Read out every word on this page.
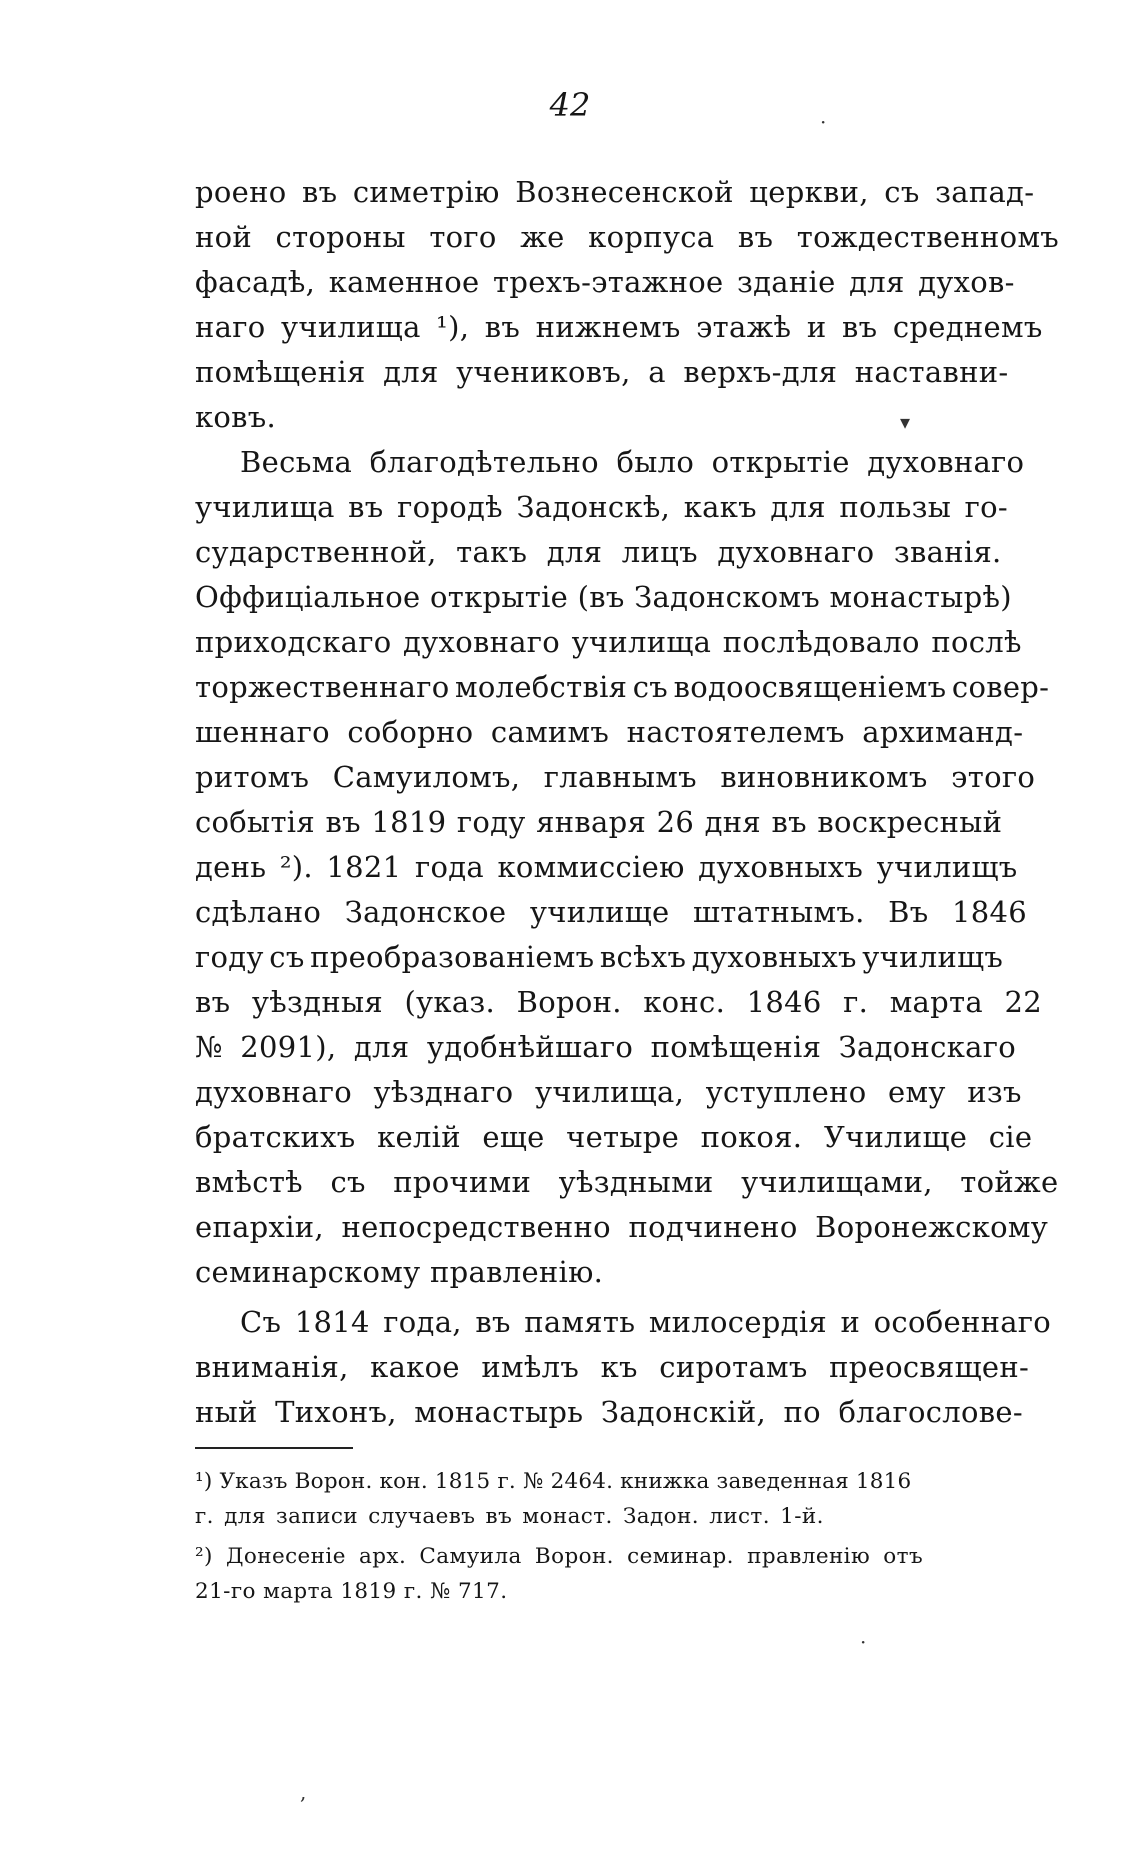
42
роено въ симетрію Вознесенской церкви, съ запад-
ной стороны того же корпуса въ тождественномъ
фасадѣ, каменное трехъ-этажное зданіе для духов-
наго училища ¹), въ нижнемъ этажѣ и въ среднемъ
помѣщенія для учениковъ, а верхъ-для наставни-
ковъ.
Весьма благодѣтельно было открытіе духовнаго
училища въ городѣ Задонскѣ, какъ для пользы го-
сударственной, такъ для лицъ духовнаго званія.
Оффиціальное открытіе (въ Задонскомъ монастырѣ)
приходскаго духовнаго училища послѣдовало послѣ
торжественнаго молебствія съ водоосвященіемъ совер-
шеннаго соборно самимъ настоятелемъ архиманд-
ритомъ Самуиломъ, главнымъ виновникомъ этого
событія въ 1819 году января 26 дня въ воскресный
день ²). 1821 года коммиссіею духовныхъ училищъ
сдѣлано Задонское училище штатнымъ. Въ 1846
году съ преобразованіемъ всѣхъ духовныхъ училищъ
въ уѣздныя (указ. Ворон. конс. 1846 г. марта 22
№ 2091), для удобнѣйшаго помѣщенія Задонскаго
духовнаго уѣзднаго училища, уступлено ему изъ
братскихъ келій еще четыре покоя. Училище сіе
вмѣстѣ съ прочими уѣздными училищами, тойже
епархіи, непосредственно подчинено Воронежскому
семинарскому правленію.
Съ 1814 года, въ память милосердія и особеннаго
вниманія, какое имѣлъ къ сиротамъ преосвящен-
ный Тихонъ, монастырь Задонскій, по благослове-
¹) Указъ Ворон. кон. 1815 г. № 2464. книжка заведенная 1816
г. для записи случаевъ въ монаст. Задон. лист. 1-й.
²) Донесеніе арх. Самуила Ворон. семинар. правленію отъ
21-го марта 1819 г. № 717.
·
▾
,
·
